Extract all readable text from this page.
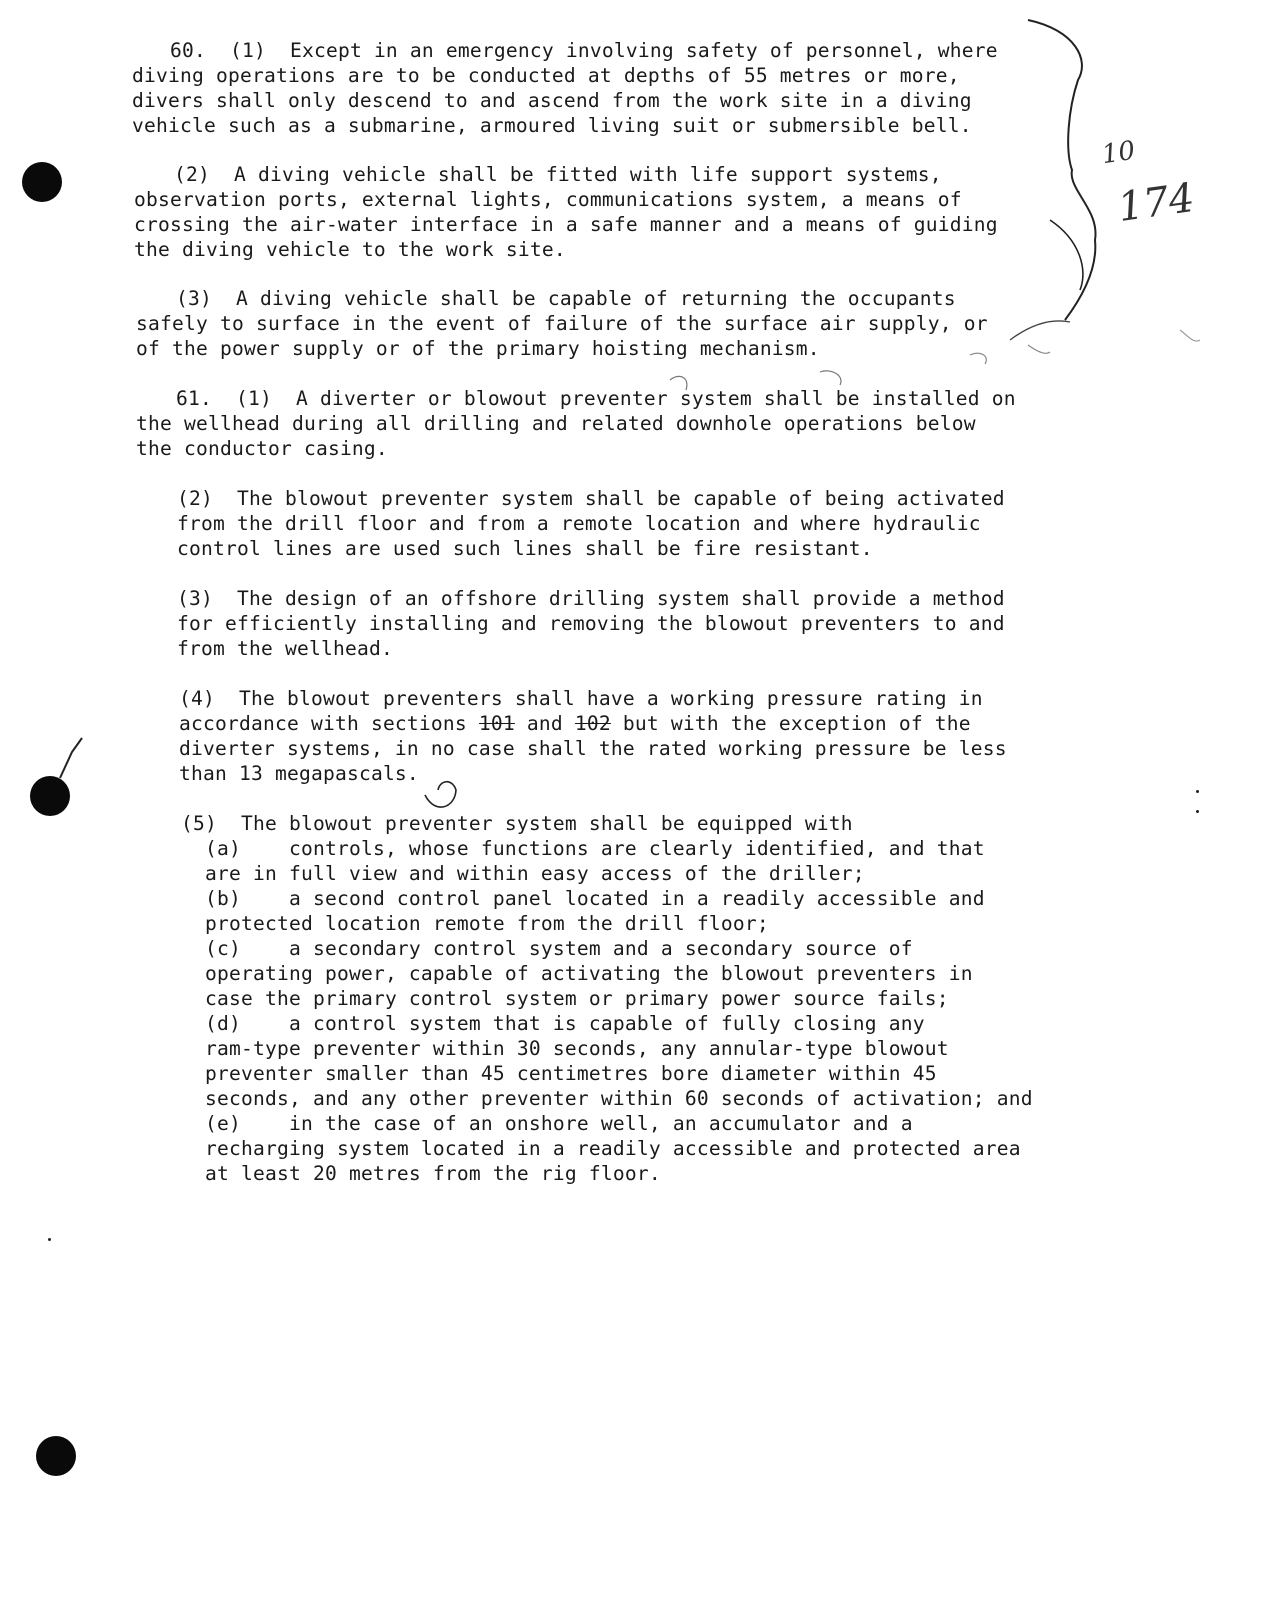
10
174
60.  (1)  Except in an emergency involving safety of personnel, where
diving operations are to be conducted at depths of 55 metres or more,
divers shall only descend to and ascend from the work site in a diving
vehicle such as a submarine, armoured living suit or submersible bell.
(2)  A diving vehicle shall be fitted with life support systems,
observation ports, external lights, communications system, a means of
crossing the air-water interface in a safe manner and a means of guiding
the diving vehicle to the work site.
(3)  A diving vehicle shall be capable of returning the occupants
safely to surface in the event of failure of the surface air supply, or
of the power supply or of the primary hoisting mechanism.
61.  (1)  A diverter or blowout preventer system shall be installed on
the wellhead during all drilling and related downhole operations below
the conductor casing.
(2)  The blowout preventer system shall be capable of being activated
from the drill floor and from a remote location and where hydraulic
control lines are used such lines shall be fire resistant.
(3)  The design of an offshore drilling system shall provide a method
for efficiently installing and removing the blowout preventers to and
from the wellhead.
(4)  The blowout preventers shall have a working pressure rating in
accordance with sections 101 and 102 but with the exception of the
diverter systems, in no case shall the rated working pressure be less
than 13 megapascals.
(5)  The blowout preventer system shall be equipped with
(a)    controls, whose functions are clearly identified, and that
are in full view and within easy access of the driller;
(b)    a second control panel located in a readily accessible and
protected location remote from the drill floor;
(c)    a secondary control system and a secondary source of
operating power, capable of activating the blowout preventers in
case the primary control system or primary power source fails;
(d)    a control system that is capable of fully closing any
ram-type preventer within 30 seconds, any annular-type blowout
preventer smaller than 45 centimetres bore diameter within 45
seconds, and any other preventer within 60 seconds of activation; and
(e)    in the case of an onshore well, an accumulator and a
recharging system located in a readily accessible and protected area
at least 20 metres from the rig floor.
